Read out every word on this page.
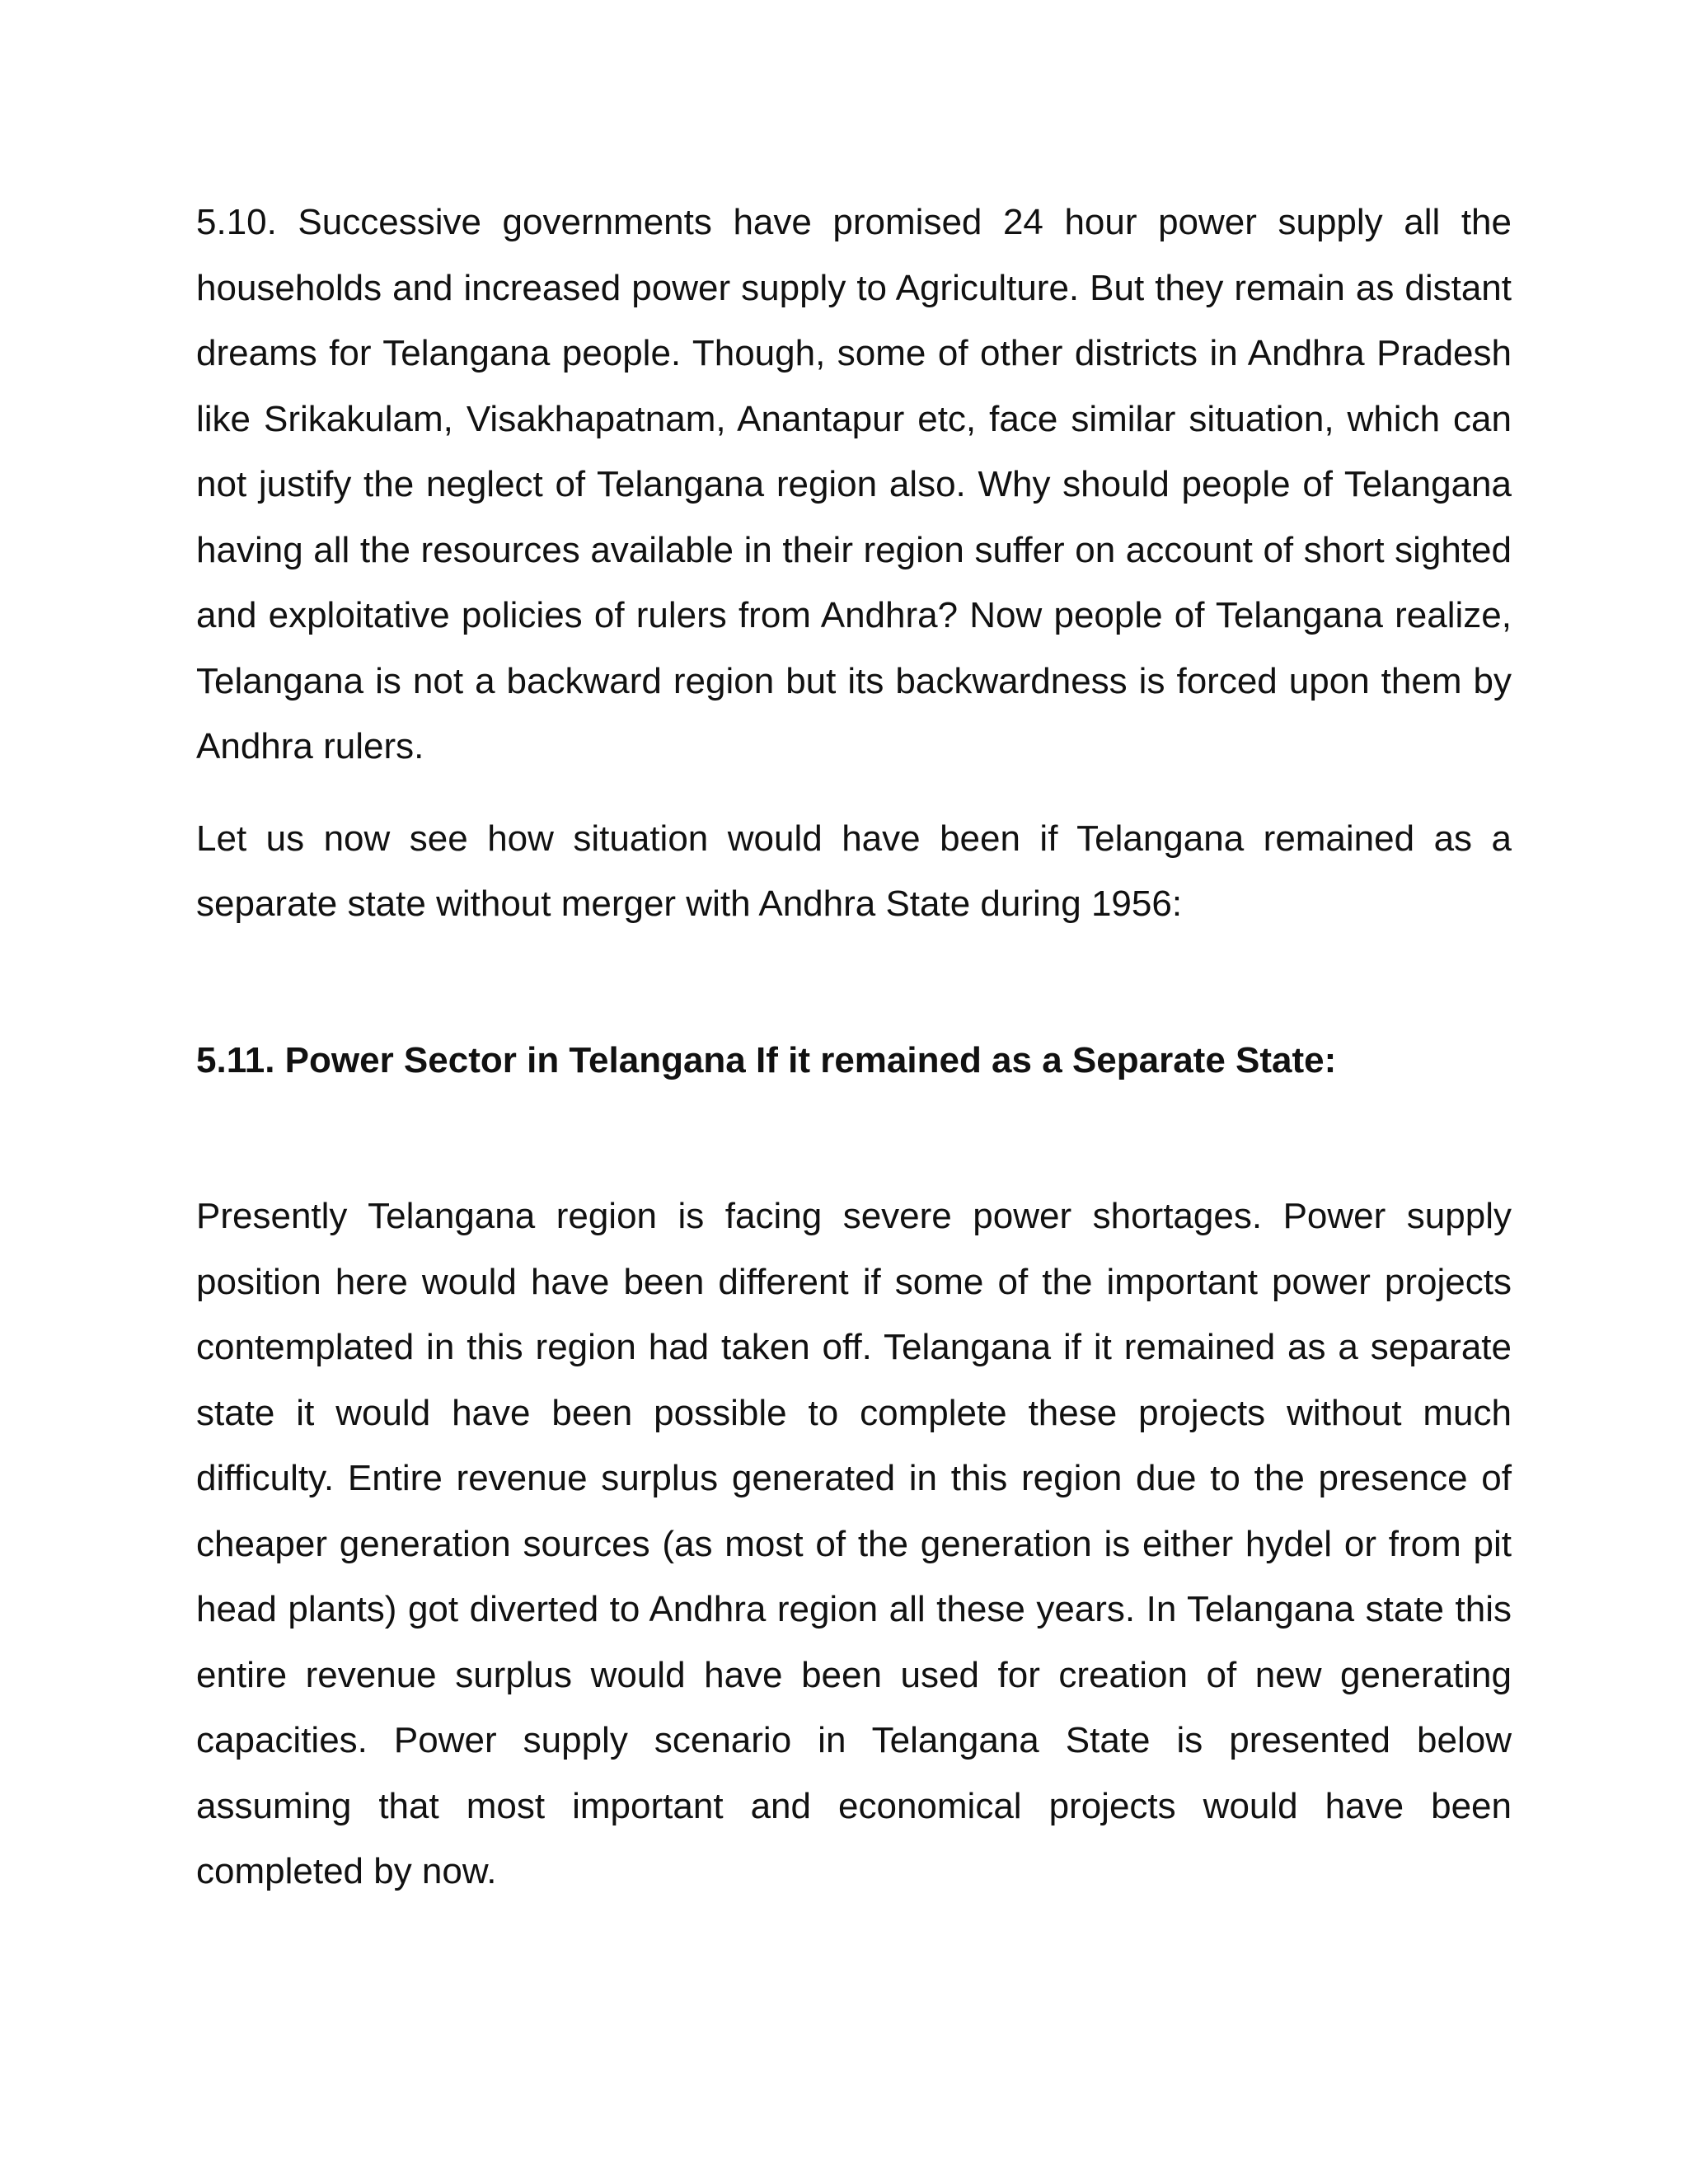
5.10. Successive governments have promised 24 hour power supply all the households and increased power supply to Agriculture. But they remain as distant dreams for Telangana people. Though, some of other districts in Andhra Pradesh like Srikakulam, Visakhapatnam, Anantapur etc, face similar situation, which can not justify the neglect of Telangana region also. Why should people of Telangana having all the resources available in their region suffer on account of short sighted and exploitative policies of rulers from Andhra? Now people of Telangana realize, Telangana is not a backward region but its backwardness is forced upon them by Andhra rulers.

Let us now see how situation would have been if Telangana remained as a separate state without merger with Andhra State during 1956:

5.11. Power Sector in Telangana If it remained as a Separate State:

Presently Telangana region is facing severe power shortages. Power supply position here would have been different if some of the important power projects contemplated in this region had taken off. Telangana if it remained as a separate state it would have been possible to complete these projects without much difficulty. Entire revenue surplus generated in this region due to the presence of cheaper generation sources (as most of the generation is either hydel or from pit head plants) got diverted to Andhra region all these years. In Telangana state this entire revenue surplus would have been used for creation of new generating capacities. Power supply scenario in Telangana State is presented below assuming that most important and economical projects would have been completed by now.
